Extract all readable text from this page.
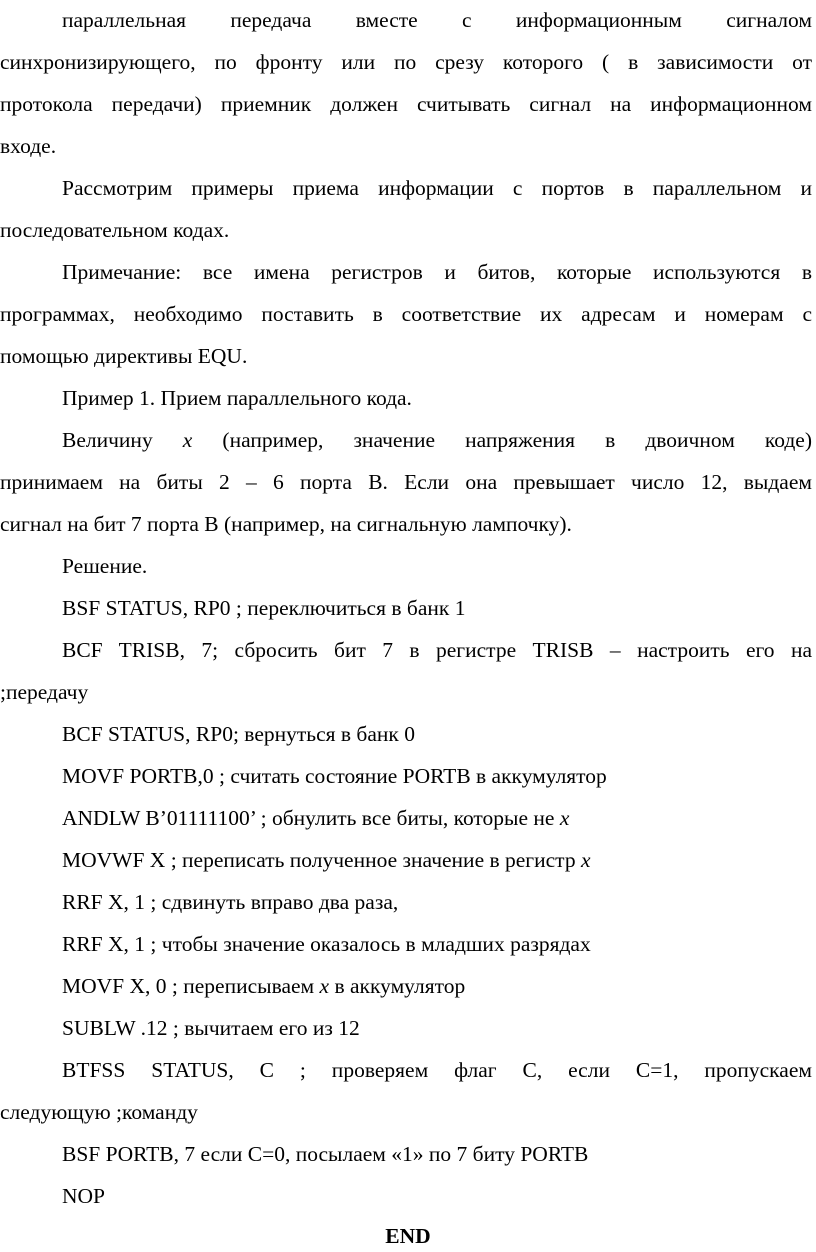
параллельная передача вместе с информационным сигналом
синхронизирующего, по фронту или по срезу которого ( в зависимости от
протокола передачи) приемник должен считывать сигнал на информационном
входе.
Рассмотрим примеры приема информации с портов в параллельном и
последовательном кодах.
Примечание: все имена регистров и битов, которые используются в
программах, необходимо поставить в соответствие их адресам и номерам с
помощью директивы EQU.
Пример 1. Прием параллельного кода.
Величину x (например, значение напряжения в двоичном коде)
принимаем на биты 2 – 6 порта B. Если она превышает число 12, выдаем
сигнал на бит 7 порта B (например, на сигнальную лампочку).
Решение.
BSF STATUS, RP0 ; переключиться в банк 1
BCF TRISB, 7; сбросить бит 7 в регистре TRISB – настроить его на
;передачу
BCF STATUS, RP0; вернуться в банк 0
MOVF PORTB,0 ; считать состояние PORTB в аккумулятор
ANDLW B’01111100’ ; обнулить все биты, которые не x
MOVWF X ; переписать полученное значение в регистр x
RRF X, 1 ; сдвинуть вправо два раза,
RRF X, 1 ; чтобы значение оказалось в младших разрядах
MOVF X, 0 ; переписываем x в аккумулятор
SUBLW .12 ; вычитаем его из 12
BTFSS STATUS, C ; проверяем флаг C, если C=1, пропускаем
следующую ;команду
BSF PORTB, 7 если C=0, посылаем «1» по 7 биту PORTB
NOP
END
